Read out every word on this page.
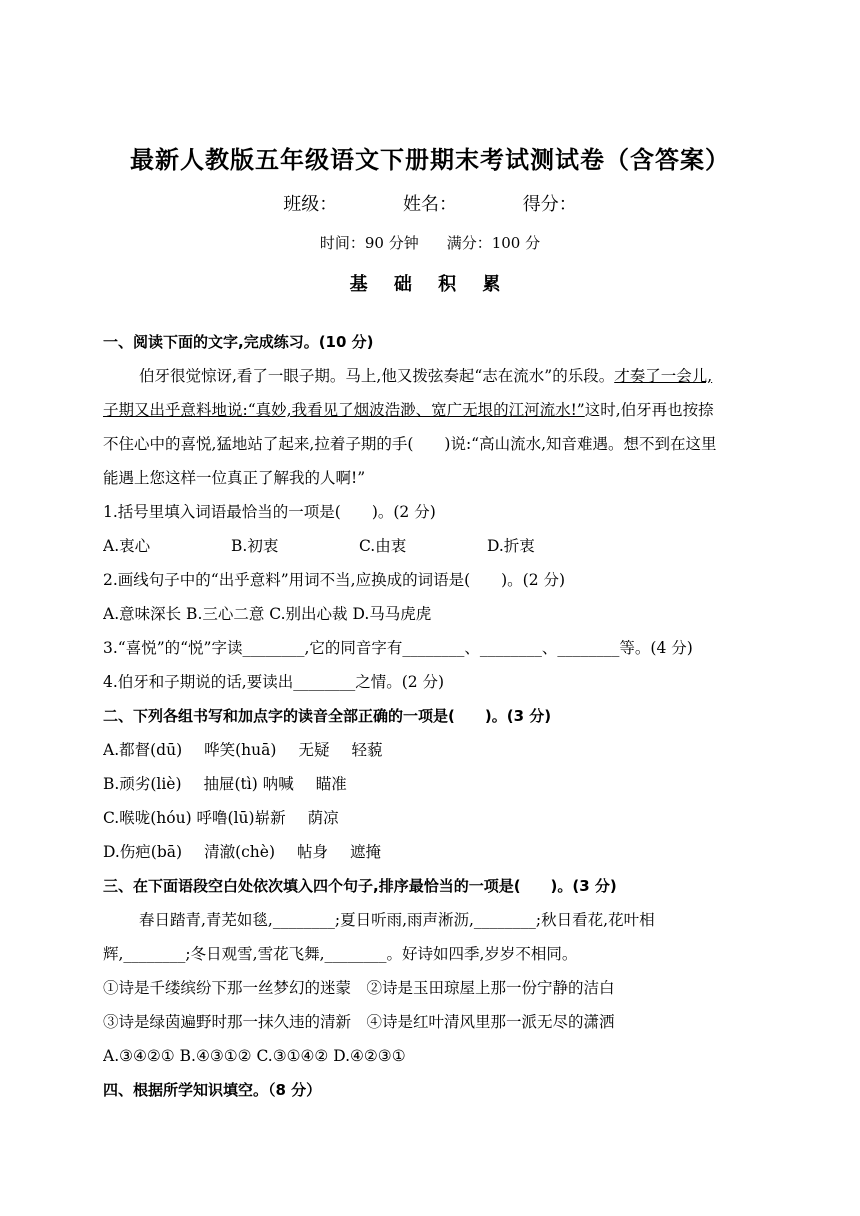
最新人教版五年级语文下册期末考试测试卷（含答案）
班级：	姓名：	得分：
时间：90 分钟 满分：100 分
基 础 积 累
一、阅读下面的文字,完成练习。(10 分)
伯牙很觉惊讶,看了一眼子期。马上,他又拨弦奏起“志在流水”的乐段。才奏了一会儿,
子期又出乎意料地说:“真妙,我看见了烟波浩渺、宽广无垠的江河流水!”这时,伯牙再也按捺
不住心中的喜悦,猛地站了起来,拉着子期的手(　　)说:“高山流水,知音难遇。想不到在这里
能遇上您这样一位真正了解我的人啊!”
1.括号里填入词语最恰当的一项是(　　)。(2 分)
A.衷心	B.初衷	C.由衷	D.折衷
2.画线句子中的“出乎意料”用词不当,应换成的词语是(　　)。(2 分)
A.意味深长 B.三心二意 C.别出心裁 D.马马虎虎
3.“喜悦”的“悦”字读________,它的同音字有________、________、________等。(4 分)
4.伯牙和子期说的话,要读出________之情。(2 分)
二、下列各组书写和加点字的读音全部正确的一项是(　　)。(3 分)
A.都督(dū) 哗笑(huā) 无疑 轻藐
B.顽劣(liè) 抽屉(tì) 呐喊 瞄准
C.喉咙(hóu) 呼噜(lū)崭新 荫凉
D.伤疤(bā) 清澈(chè) 帖身 遮掩
三、在下面语段空白处依次填入四个句子,排序最恰当的一项是(　　)。(3 分)
春日踏青,青芜如毯,________;夏日听雨,雨声淅沥,________;秋日看花,花叶相
辉,________;冬日观雪,雪花飞舞,________。好诗如四季,岁岁不相同。
①诗是千缕缤纷下那一丝梦幻的迷蒙　②诗是玉田琼屋上那一份宁静的洁白
③诗是绿茵遍野时那一抹久违的清新　④诗是红叶清风里那一派无尽的潇洒
A.③④②① B.④③①② C.③①④② D.④②③①
四、根据所学知识填空。（8 分）
